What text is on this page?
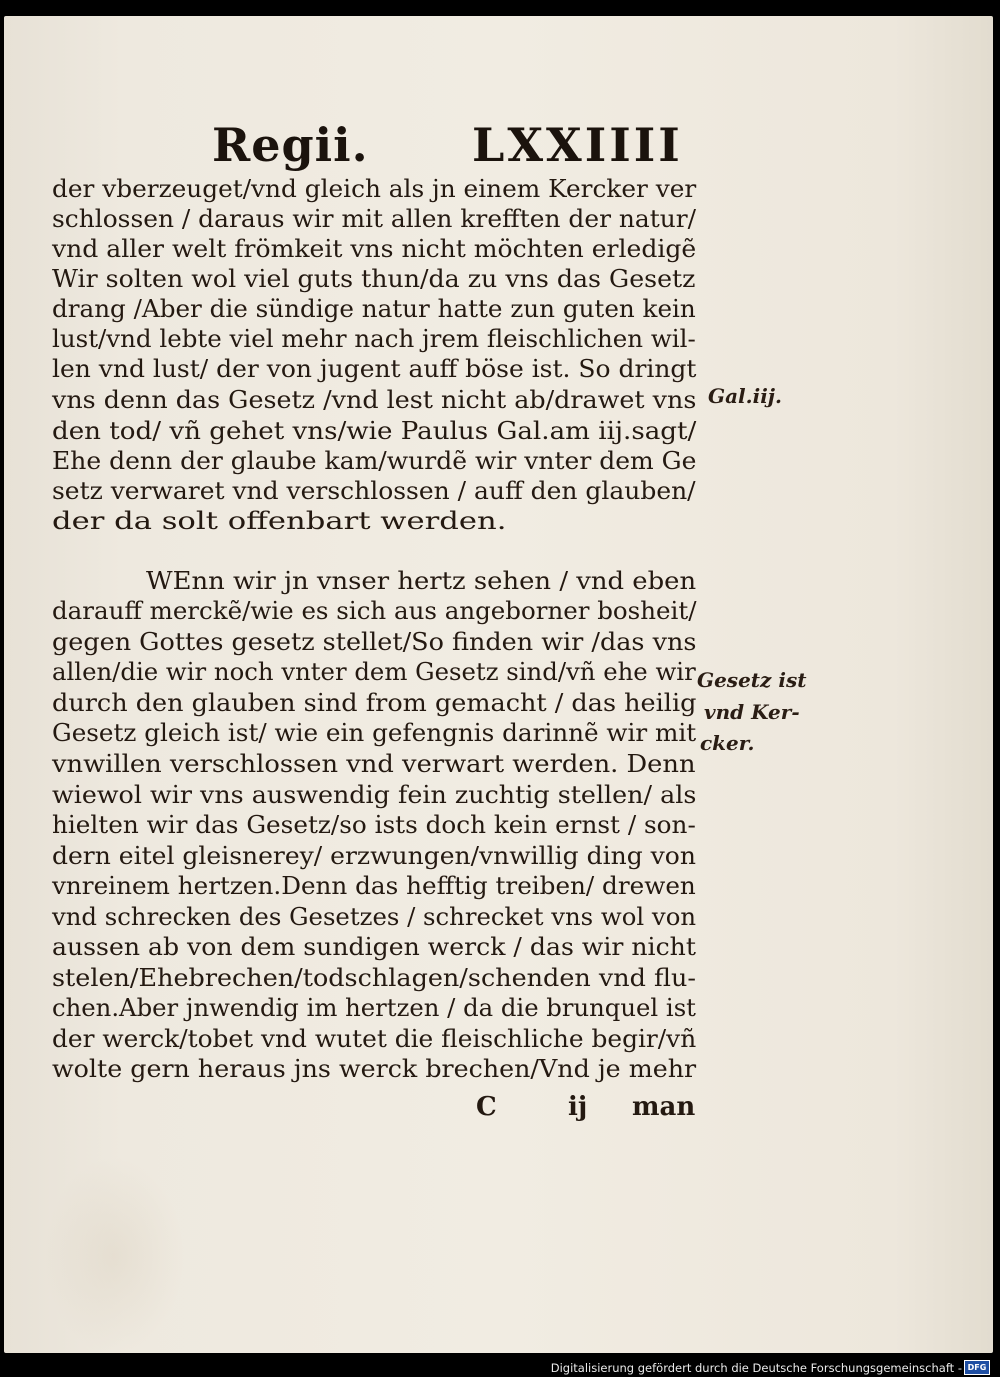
Regii. LXXIIII
der vberzeuget/vnd gleich als jn einem Kercker ver
schlossen / daraus wir mit allen krefften der natur/
vnd aller welt frömkeit vns nicht möchten erledigẽ
Wir solten wol viel guts thun/da zu vns das Gesetz
drang /Aber die sündige natur hatte zun guten kein
lust/vnd lebte viel mehr nach jrem fleischlichen wil-
len vnd lust/ der von jugent auff böse ist. So dringt
vns denn das Gesetz /vnd lest nicht ab/drawet vns
den tod/ vñ gehet vns/wie Paulus Gal.am iij.sagt/
Ehe denn der glaube kam/wurdẽ wir vnter dem Ge
setz verwaret vnd verschlossen / auff den glauben/
der da solt offenbart werden.
WEnn wir jn vnser hertz sehen / vnd eben
darauff merckẽ/wie es sich aus angeborner bosheit/
gegen Gottes gesetz stellet/So finden wir /das vns
allen/die wir noch vnter dem Gesetz sind/vñ ehe wir
durch den glauben sind from gemacht / das heilig
Gesetz gleich ist/ wie ein gefengnis darinnẽ wir mit
vnwillen verschlossen vnd verwart werden. Denn
wiewol wir vns auswendig fein zuchtig stellen/ als
hielten wir das Gesetz/so ists doch kein ernst / son-
dern eitel gleisnerey/ erzwungen/vnwillig ding von
vnreinem hertzen.Denn das hefftig treiben/ drewen
vnd schrecken des Gesetzes / schrecket vns wol von
aussen ab von dem sundigen werck / das wir nicht
stelen/Ehebrechen/todschlagen/schenden vnd flu-
chen.Aber jnwendig im hertzen / da die brunquel ist
der werck/tobet vnd wutet die fleischliche begir/vñ
wolte gern heraus jns werck brechen/Vnd je mehr
Gal.iij.
Gesetz ist
vnd Ker-
cker.
C	ij man
Digitalisierung gefördert durch die Deutsche Forschungsgemeinschaft - DFG
